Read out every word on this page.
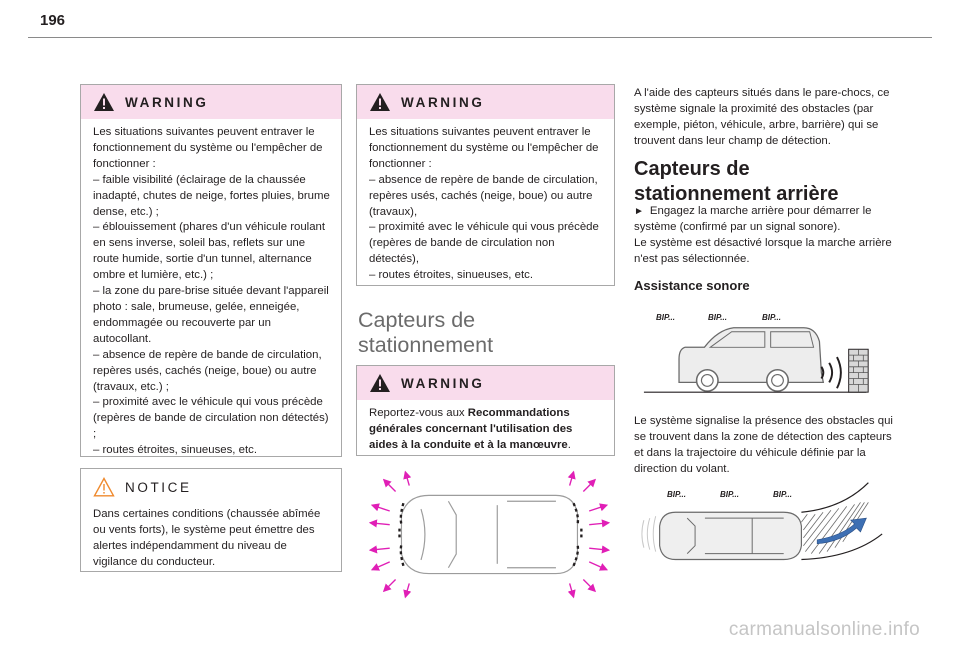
196
WARNING

Les situations suivantes peuvent entraver le fonctionnement du système ou l'empêcher de fonctionner :

– faible visibilité (éclairage de la chaussée inadapté, chutes de neige, fortes pluies, brume dense, etc.) ;

– éblouissement (phares d'un véhicule roulant en sens inverse, soleil bas, reflets sur une route humide, sortie d'un tunnel, alternance ombre et lumière, etc.) ;

– la zone du pare-brise située devant l'appareil photo : sale, brumeuse, gelée, enneigée, endommagée ou recouverte par un autocollant.

– absence de repère de bande de circulation, repères usés, cachés (neige, boue) ou autre (travaux, etc.) ;

– proximité avec le véhicule qui vous précède (repères de bande de circulation non détectés) ;

– routes étroites, sinueuses, etc.

NOTICE

Dans certaines conditions (chaussée abîmée ou vents forts), le système peut émettre des alertes indépendamment du niveau de vigilance du conducteur.

WARNING

Les situations suivantes peuvent entraver le fonctionnement du système ou l'empêcher de fonctionner :

– absence de repère de bande de circulation, repères usés, cachés (neige, boue) ou autre (travaux),

– proximité avec le véhicule qui vous précède (repères de bande de circulation non détectés),

– routes étroites, sinueuses, etc.

Capteurs de stationnement
WARNING

Reportez-vous aux Recommandations générales concernant l'utilisation des aides à la conduite et à la manœuvre.

A l'aide des capteurs situés dans le pare-chocs, ce système signale la proximité des obstacles (par exemple, piéton, véhicule, arbre, barrière) qui se trouvent dans leur champ de détection.

Capteurs de stationnement arrière

► Engagez la marche arrière pour démarrer le système (confirmé par un signal sonore).

Le système est désactivé lorsque la marche arrière n'est pas sélectionnée.

Assistance sonore
BIP...	BIP...	BIP...

Le système signalise la présence des obstacles qui se trouvent dans la zone de détection des capteurs et dans la trajectoire du véhicule définie par la direction du volant.

BIP...	BIP...	BIP...
carmanualsonline.info
